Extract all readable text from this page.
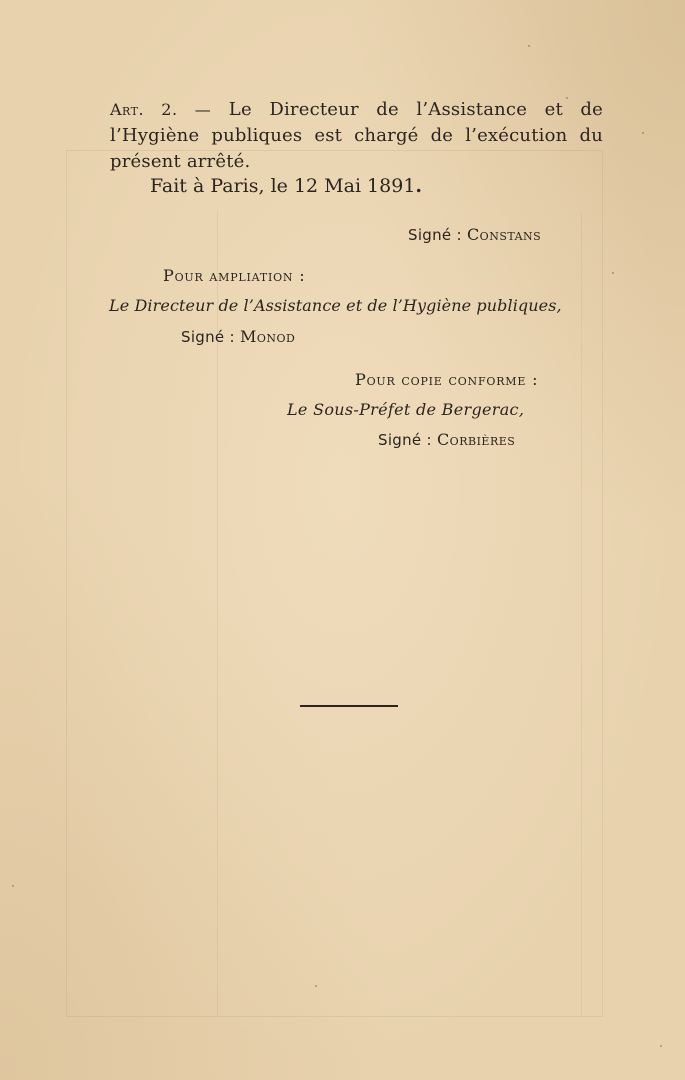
Art. 2. — Le Directeur de l’Assistance et de
l’Hygiène publiques est chargé de l’exécution du
présent arrêté.
Fait à Paris, le 12 Mai 1891.
Signé : Constans
Pour ampliation :
Le Directeur de l’Assistance et de l’Hygiène publiques,
Signé : Monod
Pour copie conforme :
Le Sous-Préfet de Bergerac,
Signé : Corbières
